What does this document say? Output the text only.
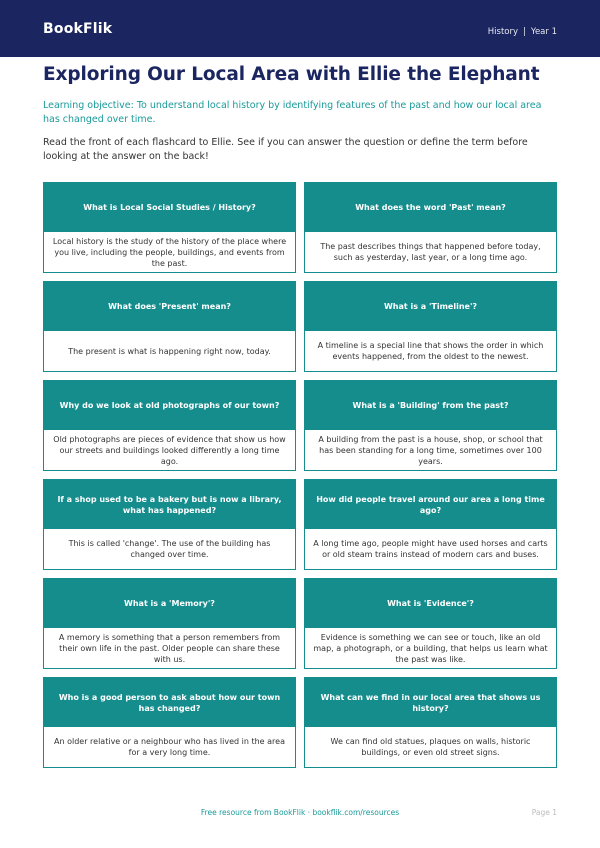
BookFlik	History | Year 1
Exploring Our Local Area with Ellie the Elephant
Learning objective: To understand local history by identifying features of the past and how our local area has changed over time.
Read the front of each flashcard to Ellie. See if you can answer the question or define the term before looking at the answer on the back!
What is Local Social Studies / History?
Local history is the study of the history of the place where you live, including the people, buildings, and events from the past.
What does the word 'Past' mean?
The past describes things that happened before today, such as yesterday, last year, or a long time ago.
What does 'Present' mean?
The present is what is happening right now, today.
What is a 'Timeline'?
A timeline is a special line that shows the order in which events happened, from the oldest to the newest.
Why do we look at old photographs of our town?
Old photographs are pieces of evidence that show us how our streets and buildings looked differently a long time ago.
What is a 'Building' from the past?
A building from the past is a house, shop, or school that has been standing for a long time, sometimes over 100 years.
If a shop used to be a bakery but is now a library, what has happened?
This is called 'change'. The use of the building has changed over time.
How did people travel around our area a long time ago?
A long time ago, people might have used horses and carts or old steam trains instead of modern cars and buses.
What is a 'Memory'?
A memory is something that a person remembers from their own life in the past. Older people can share these with us.
What is 'Evidence'?
Evidence is something we can see or touch, like an old map, a photograph, or a building, that helps us learn what the past was like.
Who is a good person to ask about how our town has changed?
An older relative or a neighbour who has lived in the area for a very long time.
What can we find in our local area that shows us history?
We can find old statues, plaques on walls, historic buildings, or even old street signs.
Free resource from BookFlik · bookflik.com/resources	Page 1
